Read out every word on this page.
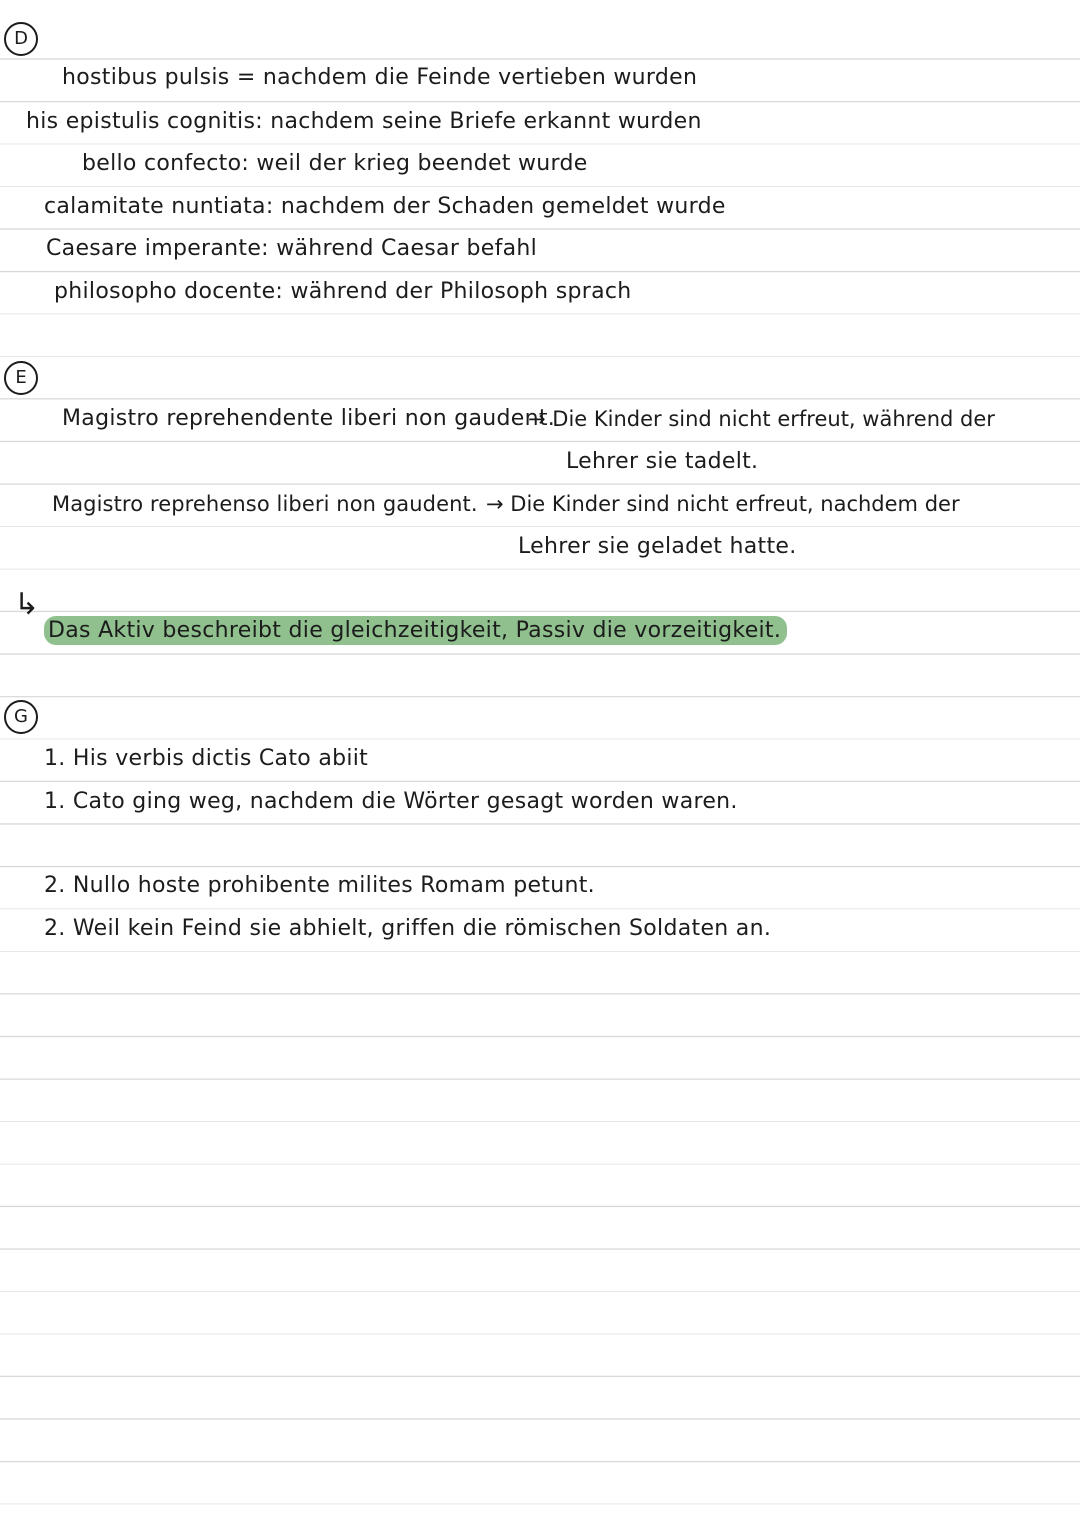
D
hostibus pulsis = nachdem die Feinde vertieben wurden
his epistulis cognitis: nachdem seine Briefe erkannt wurden
bello confecto: weil der krieg beendet wurde
calamitate nuntiata: nachdem der Schaden gemeldet wurde
Caesare imperante: während Caesar befahl
philosopho docente: während der Philosoph sprach
E
Magistro reprehendente liberi non gaudent.
→ Die Kinder sind nicht erfreut, während der
Lehrer sie tadelt.
Magistro reprehenso liberi non gaudent. → Die Kinder sind nicht erfreut, nachdem der
Lehrer sie geladet hatte.
↳
Das Aktiv beschreibt die gleichzeitigkeit, Passiv die vorzeitigkeit.
G
1. His verbis dictis Cato abiit
1. Cato ging weg, nachdem die Wörter gesagt worden waren.
2. Nullo hoste prohibente milites Romam petunt.
2. Weil kein Feind sie abhielt, griffen die römischen Soldaten an.
